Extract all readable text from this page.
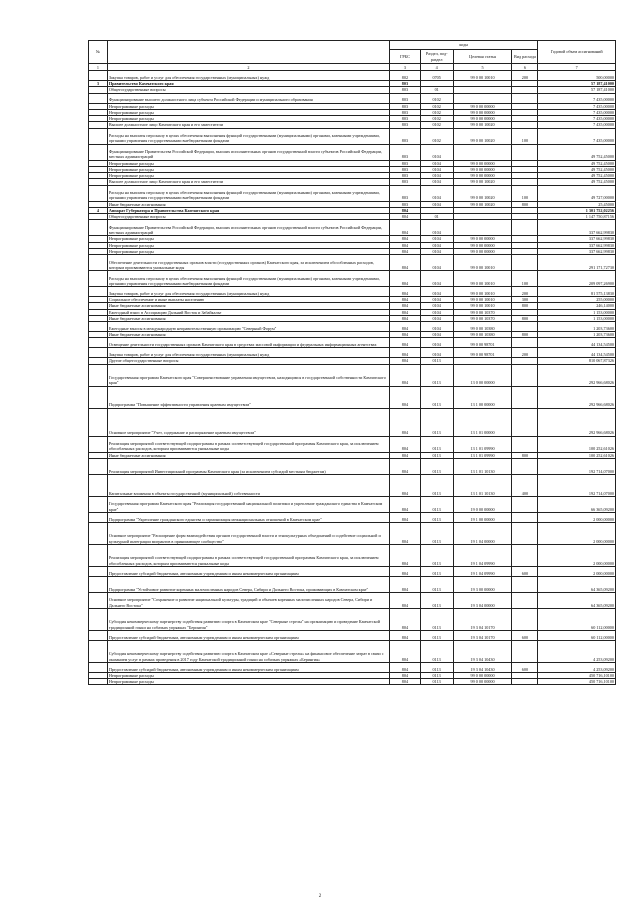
№		коды				Годовой объем ассигнований
		ГРБС	Раздел, под-раздел	Целевая статья	Вид расхода	
1	2	3	4	5	6	7
	Закупка товаров, работ и услуг для обеспечения государственных (муниципальных) нужд	802	0705	99 0 00 10010	200	500,00000
3	Правительство Камчатского края	803				57 187,41000
	Общегосударственные вопросы	803	01			57 187,41000
	Функционирование высшего должностного лица субъекта Российской Федерации и муниципального образования	803	0102			7 435,00000
	Непрограммные расходы	803	0102	99 0 00 00000		7 435,00000
	Непрограммные расходы	803	0102	99 0 00 00000		7 435,00000
	Непрограммные расходы	803	0102	99 0 00 00000		7 435,00000
	Высшее должностное лицо Камчатского края и его заместители	803	0102	99 0 00 10020		7 435,00000
	Расходы на выплаты персоналу в целях обеспечения выполнения функций государственными (муниципальными) органами, казенными учреждениями, органами управления государственными внебюджетными фондами	803	0102	99 0 00 10020	100	7 435,00000
	Функционирование Правительства Российской Федерации, высших исполнительных органов государственной власти субъектов Российской Федерации, местных администраций	803	0104			49 752,45000
	Непрограммные расходы	803	0104	99 0 00 00000		49 752,45000
	Непрограммные расходы	803	0104	99 0 00 00000		49 752,45000
	Непрограммные расходы	803	0104	99 0 00 00000		49 752,45000
	Высшее должностное лицо Камчатского края и его заместители	803	0104	99 0 00 10020		49 752,45000
	Расходы на выплаты персоналу в целях обеспечения выполнения функций государственными (муниципальными) органами, казенными учреждениями, органами управления государственными внебюджетными фондами	803	0104	99 0 00 10020	100	49 727,00000
	Иные бюджетные ассигнования	803	0104	99 0 00 10020	800	25,45000
4	Аппарат Губернатора и Правительства Камчатского края	804				1 301 752,02256
	Общегосударственные вопросы	804	01			1 147 750,87156
	Функционирование Правительства Российской Федерации, высших исполнительных органов государственной власти субъектов Российской Федерации, местных администраций	804	0104			337 662,99830
	Непрограммные расходы	804	0104	99 0 00 00000		337 662,99830
	Непрограммные расходы	804	0104	99 0 00 00000		337 662,99830
	Непрограммные расходы	804	0104	99 0 00 00000		337 662,99830
	Обеспечение деятельности государственных органов власти (государственных органов) Камчатского края, за исключением обособленных расходов, которым присваиваются уникальные коды	804	0104	99 0 00 10010		291 171,72730
	Расходы на выплаты персоналу в целях обеспечения выполнения функций государственными (муниципальными) органами, казенными учреждениями, органами управления государственными внебюджетными фондами	804	0104	99 0 00 10010	100	209 097,26900
	Закупка товаров, работ и услуг для обеспечения государственных (муниципальных) нужд	804	0104	99 0 00 10010	200	81 575,13830
	Социальное обеспечение и иные выплаты населению	804	0104	99 0 00 10010	300	255,00000
	Иные бюджетные ассигнования	804	0104	99 0 00 10010	800	246,14000
	Ежегодный взнос в Ассоциацию Дальний Восток и Забайкалье	804	0104	99 0 00 10370		1 153,00000
	Иные бюджетные ассигнования	804	0104	99 0 00 10370	800	1 153,00000
	Ежегодные взносы в международную неправительственную организацию "Северный Форум"	804	0104	99 0 00 10380		1 203,73600
	Иные бюджетные ассигнования	804	0104	99 0 00 10380	800	1 203,73600
	Освещение деятельности государственных органов Камчатского края в средствах массовой информации и федеральных информационных агентствах	804	0104	99 0 00 98701		44 134,54500
	Закупка товаров, работ и услуг для обеспечения государственных (муниципальных) нужд	804	0104	99 0 00 98701	200	44 134,54500
	Другие общегосударственные вопросы	804	0113			810 067,87326
	Государственная программа Камчатского края "Совершенствование управления имуществом, находящимся в государственной собственности Камчатского края"	804	0113	13 0 00 00000		292 966,68026
	Подпрограмма "Повышение эффективности управления краевым имуществом"	804	0113	13 1 00 00000		292 966,68026
	Основное мероприятие "Учет, содержание и распоряжение краевым имуществом"	804	0113	13 1 01 00000		292 966,68026
	Реализация мероприятий соответствующей подпрограммы в рамках соответствующей государственной программы Камчатского края, за исключением обособленных расходов, которым присваиваются уникальные коды	804	0113	13 1 01 09990		100 252,61026
	Иные бюджетные ассигнования	804	0113	13 1 01 09990	800	100 252,61026
	Реализация мероприятий Инвестиционной программы Камчатского края (за исключением субсидий местным бюджетам)	804	0113	13 1 01 10130		192 714,07000
	Капитальные вложения в объекты государственной (муниципальной) собственности	804	0113	13 1 01 10130	400	192 714,07000
	Государственная программа Камчатского края "Реализация государственной национальной политики и укрепление гражданского единства в Камчатском крае"	804	0113	19 0 00 00000		66 365,09200
	Подпрограмма "Укрепление гражданского единства и гармонизация межнациональных отношений в Камчатском крае"	804	0113	19 1 00 00000		2 000,00000
	Основное мероприятие "Расширение форм взаимодействия органов государственной власти и этнокультурных объединений и содействие социальной и культурной интеграции мигрантов в принимающее сообщество"	804	0113	19 1 04 00000		2 000,00000
	Реализация мероприятий соответствующей подпрограммы в рамках соответствующей государственной программы Камчатского края, за исключением обособленных расходов, которым присваиваются уникальные коды	804	0113	19 1 04 09990		2 000,00000
	Предоставление субсидий бюджетным, автономным учреждениям и иным некоммерческим организациям	804	0113	19 1 04 09990	600	2 000,00000
	Подпрограмма "Устойчивое развитие коренных малочисленных народов Севера, Сибири и Дальнего Востока, проживающих в Камчатском крае"	804	0113	19 3 00 00000		64 365,09200
	Основное мероприятие "Сохранение и развитие национальной культуры, традиций и обычаев коренных малочисленных народов Севера, Сибири и Дальнего Востока"	804	0113	19 3 04 00000		64 365,09200
	Субсидия некоммерческому партнерству содействия развитию спорта в Камчатском крае "Северные стрелы" на организацию и проведение Камчатской традиционной гонки на собачьих упряжках "Берингия"	804	0113	19 3 04 10170		60 112,00000
	Предоставление субсидий бюджетным, автономным учреждениям и иным некоммерческим организациям	804	0113	19 3 04 10170	600	60 112,00000
	Субсидия некоммерческому партнерству содействия развитию спорта в Камчатском крае «Северные стрелы» на финансовое обеспечение затрат в связи с оказанием услуг в рамках проведения в 2017 году Камчатской традиционной гонки на собачьих упряжках «Берингия»	804	0113	19 3 04 10430		4 253,09200
	Предоставление субсидий бюджетным, автономным учреждениям и иным некоммерческим организациям	804	0113	19 3 04 10430	600	4 253,09200
	Непрограммные расходы	804	0113	99 0 00 00000		450 716,10100
	Непрограммные расходы	804	0113	99 0 00 00000		450 716,10100
2
